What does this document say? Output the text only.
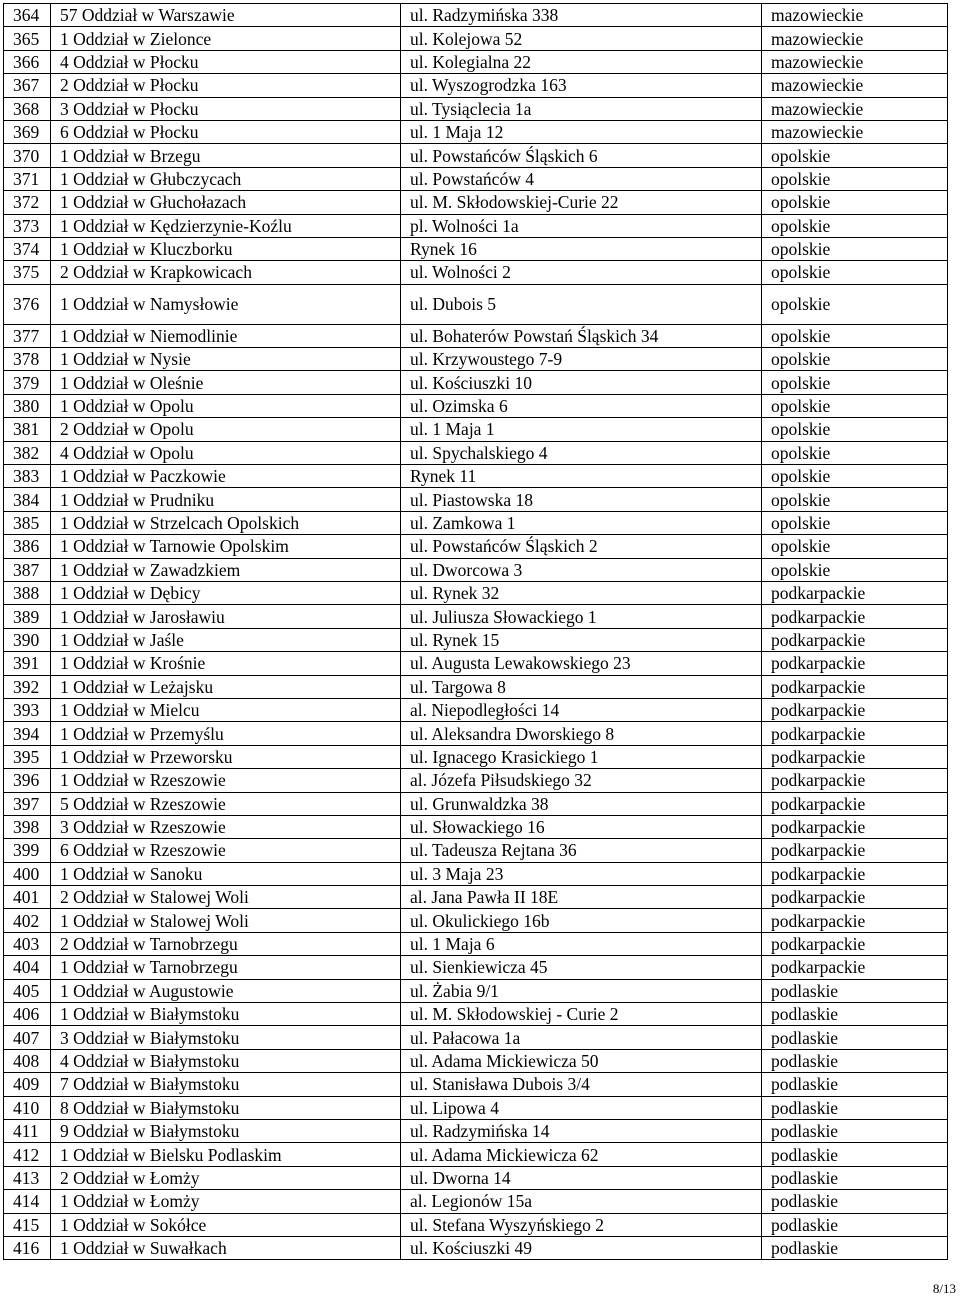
364	57 Oddział w Warszawie	ul. Radzymińska 338	mazowieckie
365	1 Oddział w Zielonce	ul. Kolejowa 52	mazowieckie
366	4 Oddział w Płocku	ul. Kolegialna 22	mazowieckie
367	2 Oddział w Płocku	ul. Wyszogrodzka 163	mazowieckie
368	3 Oddział w Płocku	ul. Tysiąclecia 1a	mazowieckie
369	6 Oddział w Płocku	ul. 1 Maja 12	mazowieckie
370	1 Oddział w Brzegu	ul. Powstańców Śląskich 6	opolskie
371	1 Oddział w Głubczycach	ul. Powstańców 4	opolskie
372	1 Oddział w Głuchołazach	ul. M. Skłodowskiej-Curie 22	opolskie
373	1 Oddział w Kędzierzynie-Koźlu	pl. Wolności 1a	opolskie
374	1 Oddział w Kluczborku	Rynek 16	opolskie
375	2 Oddział w Krapkowicach	ul. Wolności 2	opolskie
376	1 Oddział w Namysłowie	ul. Dubois 5	opolskie
377	1 Oddział w Niemodlinie	ul. Bohaterów Powstań Śląskich 34	opolskie
378	1 Oddział w Nysie	ul. Krzywoustego 7-9	opolskie
379	1 Oddział w Oleśnie	ul. Kościuszki 10	opolskie
380	1 Oddział w Opolu	ul. Ozimska 6	opolskie
381	2 Oddział w Opolu	ul. 1 Maja 1	opolskie
382	4 Oddział w Opolu	ul. Spychalskiego 4	opolskie
383	1 Oddział w Paczkowie	Rynek 11	opolskie
384	1 Oddział w Prudniku	ul. Piastowska 18	opolskie
385	1 Oddział w Strzelcach Opolskich	ul. Zamkowa 1	opolskie
386	1 Oddział w Tarnowie Opolskim	ul. Powstańców Śląskich 2	opolskie
387	1 Oddział w Zawadzkiem	ul. Dworcowa 3	opolskie
388	1 Oddział w Dębicy	ul. Rynek 32	podkarpackie
389	1 Oddział w Jarosławiu	ul. Juliusza Słowackiego 1	podkarpackie
390	1 Oddział w Jaśle	ul. Rynek 15	podkarpackie
391	1 Oddział w Krośnie	ul. Augusta Lewakowskiego 23	podkarpackie
392	1 Oddział w Leżajsku	ul. Targowa 8	podkarpackie
393	1 Oddział w Mielcu	al. Niepodległości 14	podkarpackie
394	1 Oddział w Przemyślu	ul. Aleksandra Dworskiego 8	podkarpackie
395	1 Oddział w Przeworsku	ul. Ignacego Krasickiego 1	podkarpackie
396	1 Oddział w Rzeszowie	al. Józefa Piłsudskiego 32	podkarpackie
397	5 Oddział w Rzeszowie	ul. Grunwaldzka 38	podkarpackie
398	3 Oddział w Rzeszowie	ul. Słowackiego 16	podkarpackie
399	6 Oddział w Rzeszowie	ul. Tadeusza Rejtana 36	podkarpackie
400	1 Oddział w Sanoku	ul. 3 Maja 23	podkarpackie
401	2 Oddział w Stalowej Woli	al. Jana Pawła II 18E	podkarpackie
402	1 Oddział w Stalowej Woli	ul. Okulickiego 16b	podkarpackie
403	2 Oddział w Tarnobrzegu	ul. 1 Maja 6	podkarpackie
404	1 Oddział w Tarnobrzegu	ul. Sienkiewicza 45	podkarpackie
405	1 Oddział w Augustowie	ul. Żabia 9/1	podlaskie
406	1 Oddział w Białymstoku	ul. M. Skłodowskiej - Curie 2	podlaskie
407	3 Oddział w Białymstoku	ul. Pałacowa 1a	podlaskie
408	4 Oddział w Białymstoku	ul. Adama Mickiewicza 50	podlaskie
409	7 Oddział w Białymstoku	ul. Stanisława Dubois 3/4	podlaskie
410	8 Oddział w Białymstoku	ul. Lipowa 4	podlaskie
411	9 Oddział w Białymstoku	ul. Radzymińska 14	podlaskie
412	1 Oddział w Bielsku Podlaskim	ul. Adama Mickiewicza 62	podlaskie
413	2 Oddział w Łomży	ul. Dworna 14	podlaskie
414	1 Oddział w Łomży	al. Legionów 15a	podlaskie
415	1 Oddział w Sokółce	ul. Stefana Wyszyńskiego 2	podlaskie
416	1 Oddział w Suwałkach	ul. Kościuszki 49	podlaskie
8/13
